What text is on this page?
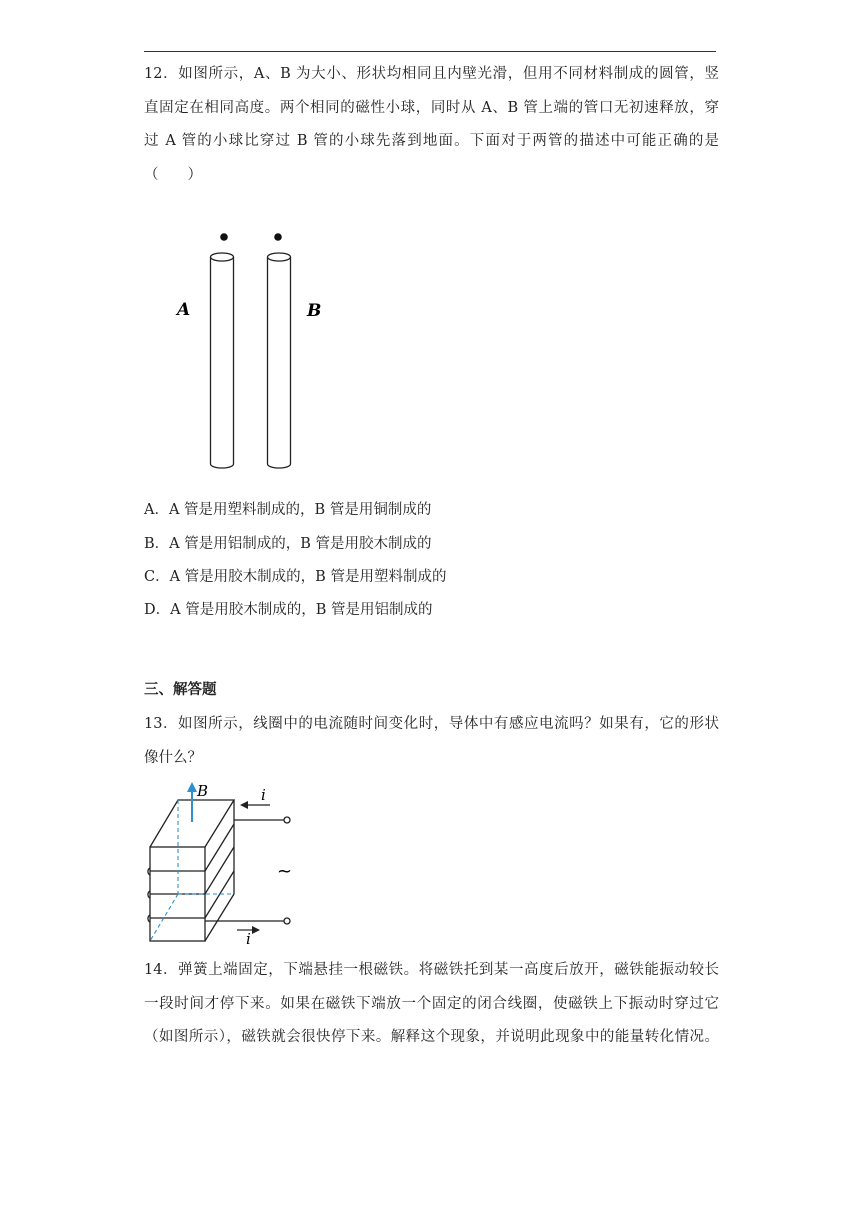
12．如图所示，A、B 为大小、形状均相同且内壁光滑，但用不同材料制成的圆管，竖
直固定在相同高度。两个相同的磁性小球，同时从 A、B 管上端的管口无初速释放，穿
过 A 管的小球比穿过 B 管的小球先落到地面。下面对于两管的描述中可能正确的是
（　　）
A	B
A．A 管是用塑料制成的，B 管是用铜制成的
B．A 管是用铝制成的，B 管是用胶木制成的
C．A 管是用胶木制成的，B 管是用塑料制成的
D．A 管是用胶木制成的，B 管是用铝制成的
三、解答题
13．如图所示，线圈中的电流随时间变化时，导体中有感应电流吗？如果有，它的形状
像什么？
B	i
i
~
14．弹簧上端固定，下端悬挂一根磁铁。将磁铁托到某一高度后放开，磁铁能振动较长
一段时间才停下来。如果在磁铁下端放一个固定的闭合线圈，使磁铁上下振动时穿过它
（如图所示），磁铁就会很快停下来。解释这个现象，并说明此现象中的能量转化情况。
